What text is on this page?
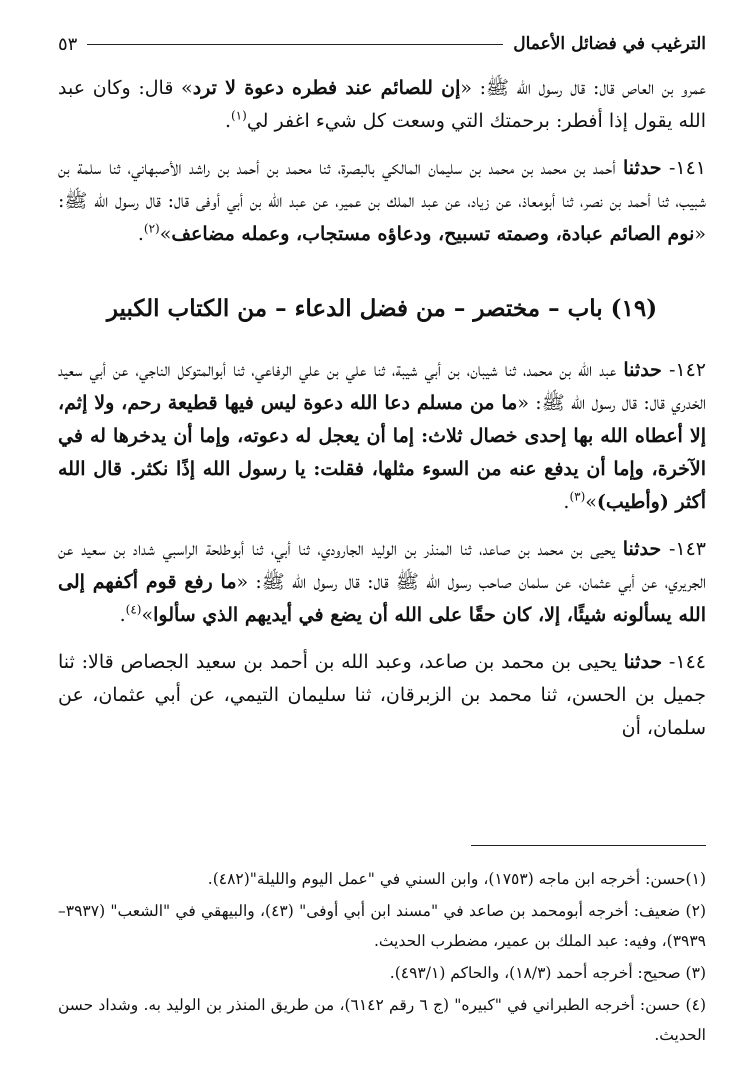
الترغيب في فضائل الأعمال
٥٣

عمرو بن العاص قال: قال رسول الله ﷺ: «إن للصائم عند فطره دعوة لا ترد» قال: وكان عبد الله يقول إذا أفطر: برحمتك التي وسعت كل شيء اغفر لي$^{(١)}$.

١٤١- حدثنا أحمد بن محمد بن محمد بن سليمان المالكي بالبصرة، ثنا محمد بن أحمد بن راشد الأصبهاني، ثنا سلمة بن شبيب، ثنا أحمد بن نصر، ثنا أبومعاذ، عن زياد، عن عبد الملك بن عمير، عن عبد الله بن أبي أوفى قال: قال رسول الله ﷺ: «نوم الصائم عبادة، وصمته تسبيح، ودعاؤه مستجاب، وعمله مضاعف»$^{(٢)}$.

(١٩) باب – مختصر – من فضل الدعاء – من الكتاب الكبير

١٤٢- حدثنا عبد الله بن محمد، ثنا شيبان، بن أبي شيبة، ثنا علي بن علي الرفاعي، ثنا أبوالمتوكل الناجي، عن أبي سعيد الخدري قال: قال رسول الله ﷺ: «ما من مسلم دعا الله دعوة ليس فيها قطيعة رحم، ولا إثم، إلا أعطاه الله بها إحدى خصال ثلاث: إما أن يعجل له دعوته، وإما أن يدخرها له في الآخرة، وإما أن يدفع عنه من السوء مثلها، فقلت: يا رسول الله إذًا نكثر. قال الله أكثر (وأطيب)»$^{(٣)}$.

١٤٣- حدثنا يحيى بن محمد بن صاعد، ثنا المنذر بن الوليد الجارودي، ثنا أبي، ثنا أبوطلحة الراسبي شداد بن سعيد عن الجريري، عن أبي عثمان، عن سلمان صاحب رسول الله ﷺ قال: قال رسول الله ﷺ: «ما رفع قوم أكفهم إلى الله يسألونه شيئًا، إلا، كان حقًا على الله أن يضع في أيديهم الذي سألوا»$^{(٤)}$.

١٤٤- حدثنا يحيى بن محمد بن صاعد، وعبد الله بن أحمد بن سعيد الجصاص قالا: ثنا جميل بن الحسن، ثنا محمد بن الزبرقان، ثنا سليمان التيمي، عن أبي عثمان، عن سلمان، أن

(١)حسن: أخرجه ابن ماجه (١٧٥٣)، وابن السني في "عمل اليوم والليلة"(٤٨٢).

(٢) ضعيف: أخرجه أبومحمد بن صاعد في "مسند ابن أبي أوفى" (٤٣)، والبيهقي في "الشعب" (٣٩٣٧–٣٩٣٩)، وفيه: عبد الملك بن عمير، مضطرب الحديث.

(٣) صحيح: أخرجه أحمد (١٨/٣)، والحاكم (٤٩٣/١).

(٤) حسن: أخرجه الطبراني في "كبيره" (ج ٦ رقم ٦١٤٢)، من طريق المنذر بن الوليد به. وشداد حسن الحديث.
